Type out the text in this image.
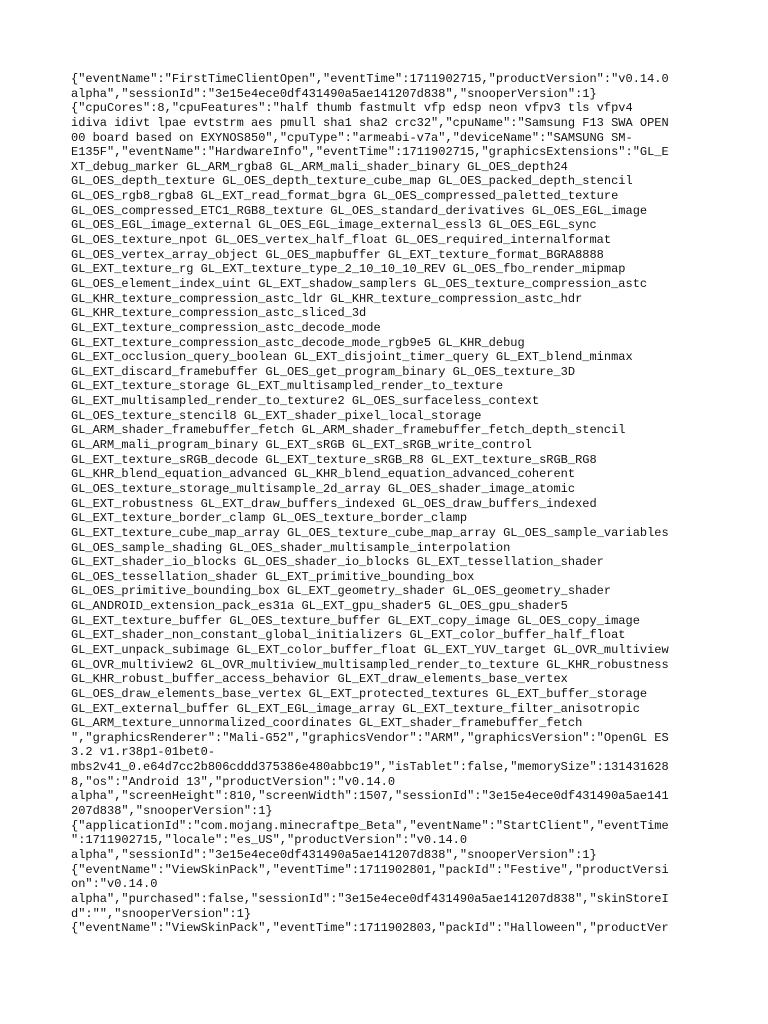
{"eventName":"FirstTimeClientOpen","eventTime":1711902715,"productVersion":"v0.14.0
alpha","sessionId":"3e15e4ece0df431490a5ae141207d838","snooperVersion":1}
{"cpuCores":8,"cpuFeatures":"half thumb fastmult vfp edsp neon vfpv3 tls vfpv4
idiva idivt lpae evtstrm aes pmull sha1 sha2 crc32","cpuName":"Samsung F13 SWA OPEN
00 board based on EXYNOS850","cpuType":"armeabi-v7a","deviceName":"SAMSUNG SM-
E135F","eventName":"HardwareInfo","eventTime":1711902715,"graphicsExtensions":"GL_E
XT_debug_marker GL_ARM_rgba8 GL_ARM_mali_shader_binary GL_OES_depth24
GL_OES_depth_texture GL_OES_depth_texture_cube_map GL_OES_packed_depth_stencil
GL_OES_rgb8_rgba8 GL_EXT_read_format_bgra GL_OES_compressed_paletted_texture
GL_OES_compressed_ETC1_RGB8_texture GL_OES_standard_derivatives GL_OES_EGL_image
GL_OES_EGL_image_external GL_OES_EGL_image_external_essl3 GL_OES_EGL_sync
GL_OES_texture_npot GL_OES_vertex_half_float GL_OES_required_internalformat
GL_OES_vertex_array_object GL_OES_mapbuffer GL_EXT_texture_format_BGRA8888
GL_EXT_texture_rg GL_EXT_texture_type_2_10_10_10_REV GL_OES_fbo_render_mipmap
GL_OES_element_index_uint GL_EXT_shadow_samplers GL_OES_texture_compression_astc
GL_KHR_texture_compression_astc_ldr GL_KHR_texture_compression_astc_hdr
GL_KHR_texture_compression_astc_sliced_3d
GL_EXT_texture_compression_astc_decode_mode
GL_EXT_texture_compression_astc_decode_mode_rgb9e5 GL_KHR_debug
GL_EXT_occlusion_query_boolean GL_EXT_disjoint_timer_query GL_EXT_blend_minmax
GL_EXT_discard_framebuffer GL_OES_get_program_binary GL_OES_texture_3D
GL_EXT_texture_storage GL_EXT_multisampled_render_to_texture
GL_EXT_multisampled_render_to_texture2 GL_OES_surfaceless_context
GL_OES_texture_stencil8 GL_EXT_shader_pixel_local_storage
GL_ARM_shader_framebuffer_fetch GL_ARM_shader_framebuffer_fetch_depth_stencil
GL_ARM_mali_program_binary GL_EXT_sRGB GL_EXT_sRGB_write_control
GL_EXT_texture_sRGB_decode GL_EXT_texture_sRGB_R8 GL_EXT_texture_sRGB_RG8
GL_KHR_blend_equation_advanced GL_KHR_blend_equation_advanced_coherent
GL_OES_texture_storage_multisample_2d_array GL_OES_shader_image_atomic
GL_EXT_robustness GL_EXT_draw_buffers_indexed GL_OES_draw_buffers_indexed
GL_EXT_texture_border_clamp GL_OES_texture_border_clamp
GL_EXT_texture_cube_map_array GL_OES_texture_cube_map_array GL_OES_sample_variables
GL_OES_sample_shading GL_OES_shader_multisample_interpolation
GL_EXT_shader_io_blocks GL_OES_shader_io_blocks GL_EXT_tessellation_shader
GL_OES_tessellation_shader GL_EXT_primitive_bounding_box
GL_OES_primitive_bounding_box GL_EXT_geometry_shader GL_OES_geometry_shader
GL_ANDROID_extension_pack_es31a GL_EXT_gpu_shader5 GL_OES_gpu_shader5
GL_EXT_texture_buffer GL_OES_texture_buffer GL_EXT_copy_image GL_OES_copy_image
GL_EXT_shader_non_constant_global_initializers GL_EXT_color_buffer_half_float
GL_EXT_unpack_subimage GL_EXT_color_buffer_float GL_EXT_YUV_target GL_OVR_multiview
GL_OVR_multiview2 GL_OVR_multiview_multisampled_render_to_texture GL_KHR_robustness
GL_KHR_robust_buffer_access_behavior GL_EXT_draw_elements_base_vertex
GL_OES_draw_elements_base_vertex GL_EXT_protected_textures GL_EXT_buffer_storage
GL_EXT_external_buffer GL_EXT_EGL_image_array GL_EXT_texture_filter_anisotropic
GL_ARM_texture_unnormalized_coordinates GL_EXT_shader_framebuffer_fetch
","graphicsRenderer":"Mali-G52","graphicsVendor":"ARM","graphicsVersion":"OpenGL ES
3.2 v1.r38p1-01bet0-
mbs2v41_0.e64d7cc2b806cddd375386e480abbc19","isTablet":false,"memorySize":131431628
8,"os":"Android 13","productVersion":"v0.14.0
alpha","screenHeight":810,"screenWidth":1507,"sessionId":"3e15e4ece0df431490a5ae141
207d838","snooperVersion":1}
{"applicationId":"com.mojang.minecraftpe_Beta","eventName":"StartClient","eventTime
":1711902715,"locale":"es_US","productVersion":"v0.14.0
alpha","sessionId":"3e15e4ece0df431490a5ae141207d838","snooperVersion":1}
{"eventName":"ViewSkinPack","eventTime":1711902801,"packId":"Festive","productVersi
on":"v0.14.0
alpha","purchased":false,"sessionId":"3e15e4ece0df431490a5ae141207d838","skinStoreI
d":"","snooperVersion":1}
{"eventName":"ViewSkinPack","eventTime":1711902803,"packId":"Halloween","productVer
